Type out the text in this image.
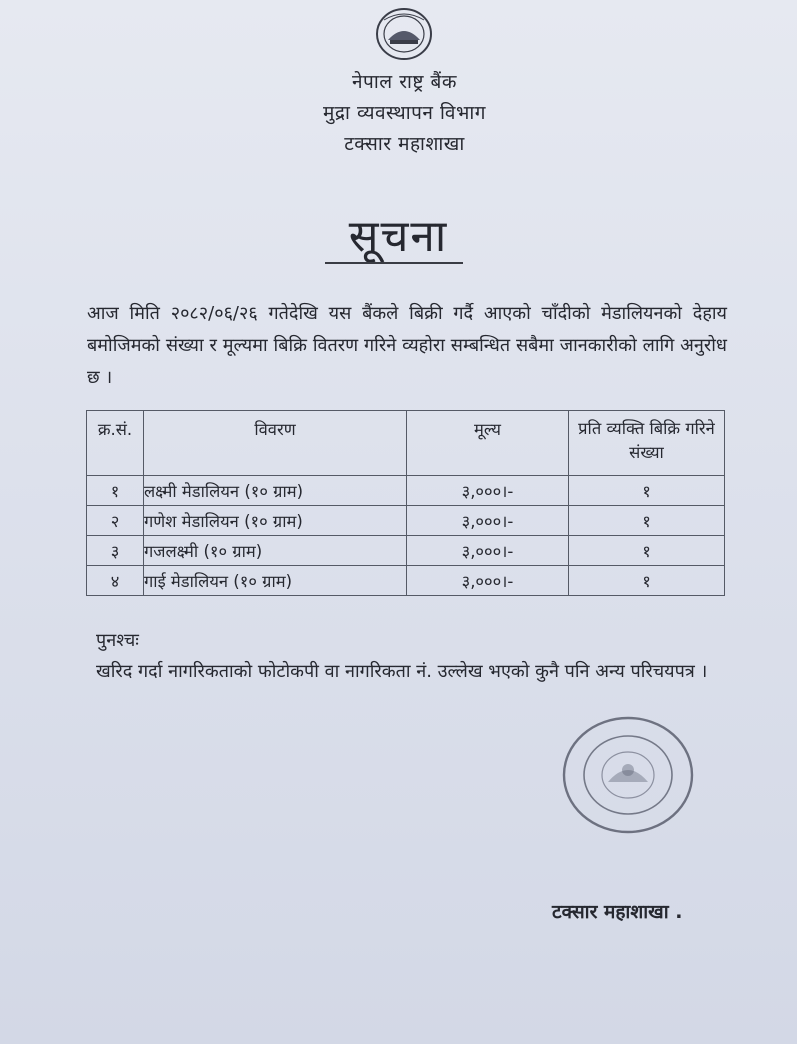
नेपाल राष्ट्र बैंक
मुद्रा व्यवस्थापन विभाग
टक्सार महाशाखा
सूचना
आज मिति २०८२/०६/२६ गतेदेखि यस बैंकले बिक्री गर्दै आएको चाँदीको मेडालियनको देहाय बमोजिमको संख्या र मूल्यमा बिक्रि वितरण गरिने व्यहोरा सम्बन्धित सबैमा जानकारीको लागि अनुरोध छ ।
क्र.सं.	विवरण	मूल्य	प्रति व्यक्ति बिक्रि गरिने संख्या
१	लक्ष्मी मेडालियन (१० ग्राम)	३,०००।-	१
२	गणेश मेडालियन (१० ग्राम)	३,०००।-	१
३	गजलक्ष्मी (१० ग्राम)	३,०००।-	१
४	गाई मेडालियन (१० ग्राम)	३,०००।-	१
पुनश्चः
खरिद गर्दा नागरिकताको फोटोकपी वा नागरिकता नं. उल्लेख भएको कुनै पनि अन्य परिचयपत्र ।
टक्सार महाशाखा .
